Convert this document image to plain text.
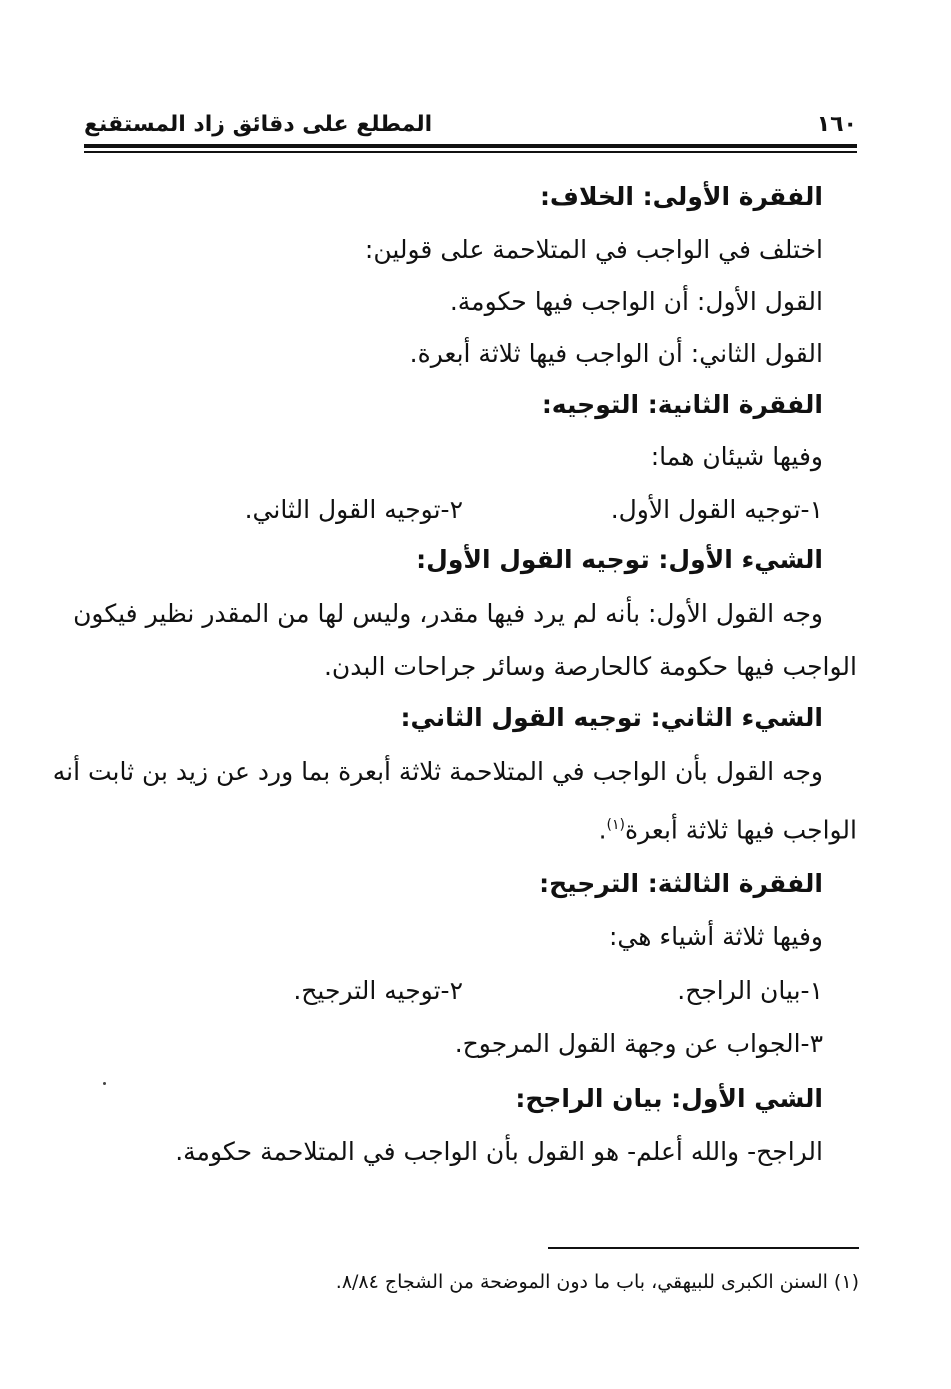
المطلع على دقائق زاد المستقنع	١٦٠
الفقرة الأولى: الخلاف:
اختلف في الواجب في المتلاحمة على قولين:
القول الأول: أن الواجب فيها حكومة.
القول الثاني: أن الواجب فيها ثلاثة أبعرة.
الفقرة الثانية: التوجيه:
وفيها شيئان هما:
١-توجيه القول الأول.
٢-توجيه القول الثاني.
الشيء الأول: توجيه القول الأول:
وجه القول الأول: بأنه لم يرد فيها مقدر، وليس لها من المقدر نظير فيكون
الواجب فيها حكومة كالحارصة وسائر جراحات البدن.
الشيء الثاني: توجيه القول الثاني:
وجه القول بأن الواجب في المتلاحمة ثلاثة أبعرة بما ورد عن زيد بن ثابت أنه
الواجب فيها ثلاثة أبعرة$^{(١)}$.
الفقرة الثالثة: الترجيح:
وفيها ثلاثة أشياء هي:
١-بيان الراجح.
٢-توجيه الترجيح.
٣-الجواب عن وجهة القول المرجوح.
الشي الأول: بيان الراجح:
الراجح- والله أعلم- هو القول بأن الواجب في المتلاحمة حكومة.
(١) السنن الكبرى للبيهقي، باب ما دون الموضحة من الشجاج ٨/٨٤.
